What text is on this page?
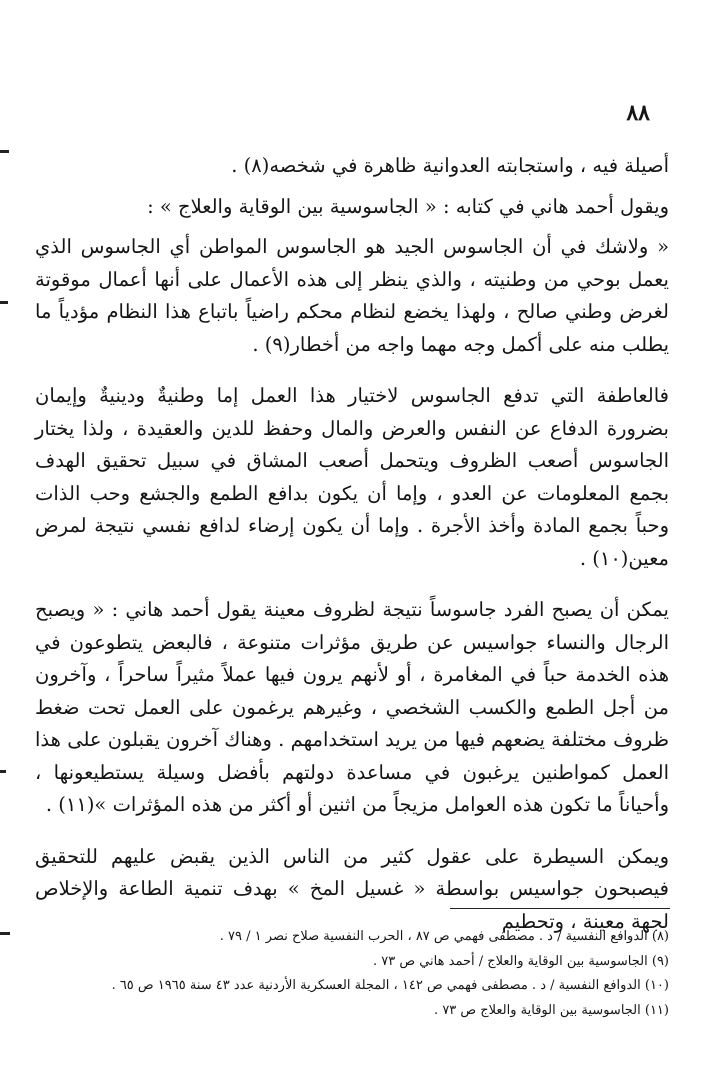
٨٨

أصيلة فيه ، واستجابته العدوانية ظاهرة في شخصه(٨) .

ويقول أحمد هاني في كتابه : « الجاسوسية بين الوقاية والعلاج » :

« ولاشك في أن الجاسوس الجيد هو الجاسوس المواطن أي الجاسوس الذي يعمل بوحي من وطنيته ، والذي ينظر إلى هذه الأعمال على أنها أعمال موقوتة لغرض وطني صالح ، ولهذا يخضع لنظام محكم راضياً باتباع هذا النظام مؤدياً ما يطلب منه على أكمل وجه مهما واجه من أخطار(٩) .

فالعاطفة التي تدفع الجاسوس لاختيار هذا العمل إما وطنيةٌ ودينيةٌ وإيمان بضرورة الدفاع عن النفس والعرض والمال وحفظ للدين والعقيدة ، ولذا يختار الجاسوس أصعب الظروف ويتحمل أصعب المشاق في سبيل تحقيق الهدف بجمع المعلومات عن العدو ، وإما أن يكون بدافع الطمع والجشع وحب الذات وحباً بجمع المادة وأخذ الأجرة . وإما أن يكون إرضاء لدافع نفسي نتيجة لمرض معين(١٠) .

يمكن أن يصبح الفرد جاسوساً نتيجة لظروف معينة يقول أحمد هاني : « ويصبح الرجال والنساء جواسيس عن طريق مؤثرات متنوعة ، فالبعض يتطوعون في هذه الخدمة حباً في المغامرة ، أو لأنهم يرون فيها عملاً مثيراً ساحراً ، وآخرون من أجل الطمع والكسب الشخصي ، وغيرهم يرغمون على العمل تحت ضغط ظروف مختلفة يضعهم فيها من يريد استخدامهم . وهناك آخرون يقبلون على هذا العمل كمواطنين يرغبون في مساعدة دولتهم بأفضل وسيلة يستطيعونها ، وأحياناً ما تكون هذه العوامل مزيجاً من اثنين أو أكثر من هذه المؤثرات »(١١) .

ويمكن السيطرة على عقول كثير من الناس الذين يقبض عليهم للتحقيق فيصبحون جواسيس بواسطة « غسيل المخ » بهدف تنمية الطاعة والإخلاص لجهة معينة ، وتحطيم

(٨) الدوافع النفسية / د . مصطفى فهمي ص ٨٧ ، الحرب النفسية صلاح نصر ١ / ٧٩ .
(٩) الجاسوسية بين الوقاية والعلاج / أحمد هاني ص ٧٣ .
(١٠) الدوافع النفسية / د . مصطفى فهمي ص ١٤٢ ، المجلة العسكرية الأردنية عدد ٤٣ سنة ١٩٦٥ ص ٦٥ .
(١١) الجاسوسية بين الوقاية والعلاج ص ٧٣ .
